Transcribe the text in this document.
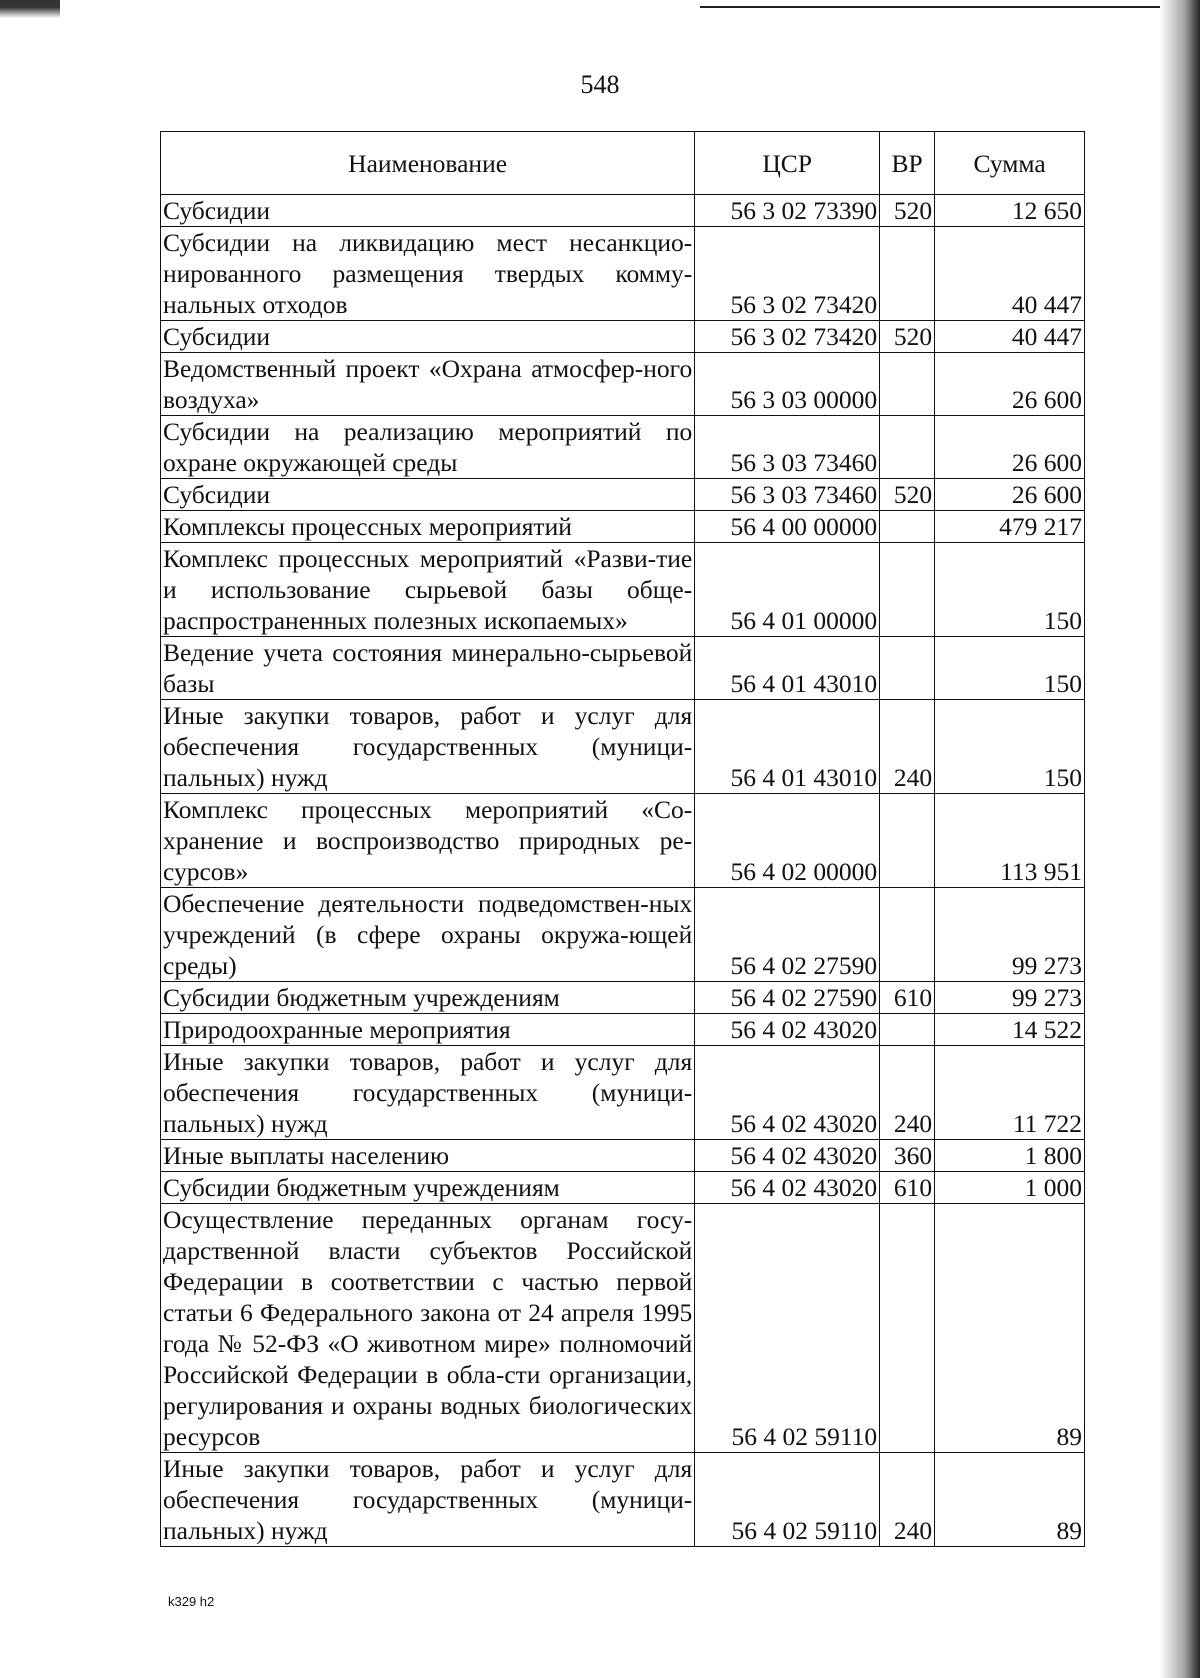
548
Наименование	ЦСР	ВР	Сумма
Субсидии	56 3 02 73390	520	12 650
Субсидии на ликвидацию мест несанкцио-нированного размещения твердых комму-нальных отходов	56 3 02 73420		40 447
Субсидии	56 3 02 73420	520	40 447
Ведомственный проект «Охрана атмосфер-ного воздуха»	56 3 03 00000		26 600
Субсидии на реализацию мероприятий по охране окружающей среды	56 3 03 73460		26 600
Субсидии	56 3 03 73460	520	26 600
Комплексы процессных мероприятий	56 4 00 00000		479 217
Комплекс процессных мероприятий «Разви-тие и использование сырьевой базы обще-распространенных полезных ископаемых»	56 4 01 00000		150
Ведение учета состояния минерально-сырьевой базы	56 4 01 43010		150
Иные закупки товаров, работ и услуг для обеспечения государственных (муници-пальных) нужд	56 4 01 43010	240	150
Комплекс процессных мероприятий «Со-хранение и воспроизводство природных ре-сурсов»	56 4 02 00000		113 951
Обеспечение деятельности подведомствен-ных учреждений (в сфере охраны окружа-ющей среды)	56 4 02 27590		99 273
Субсидии бюджетным учреждениям	56 4 02 27590	610	99 273
Природоохранные мероприятия	56 4 02 43020		14 522
Иные закупки товаров, работ и услуг для обеспечения государственных (муници-пальных) нужд	56 4 02 43020	240	11 722
Иные выплаты населению	56 4 02 43020	360	1 800
Субсидии бюджетным учреждениям	56 4 02 43020	610	1 000
Осуществление переданных органам госу-дарственной власти субъектов Российской Федерации в соответствии с частью первой статьи 6 Федерального закона от 24 апреля 1995 года № 52-ФЗ «О животном мире» полномочий Российской Федерации в обла-сти организации, регулирования и охраны водных биологических ресурсов	56 4 02 59110		89
Иные закупки товаров, работ и услуг для обеспечения государственных (муници-пальных) нужд	56 4 02 59110	240	89
k329 h2
